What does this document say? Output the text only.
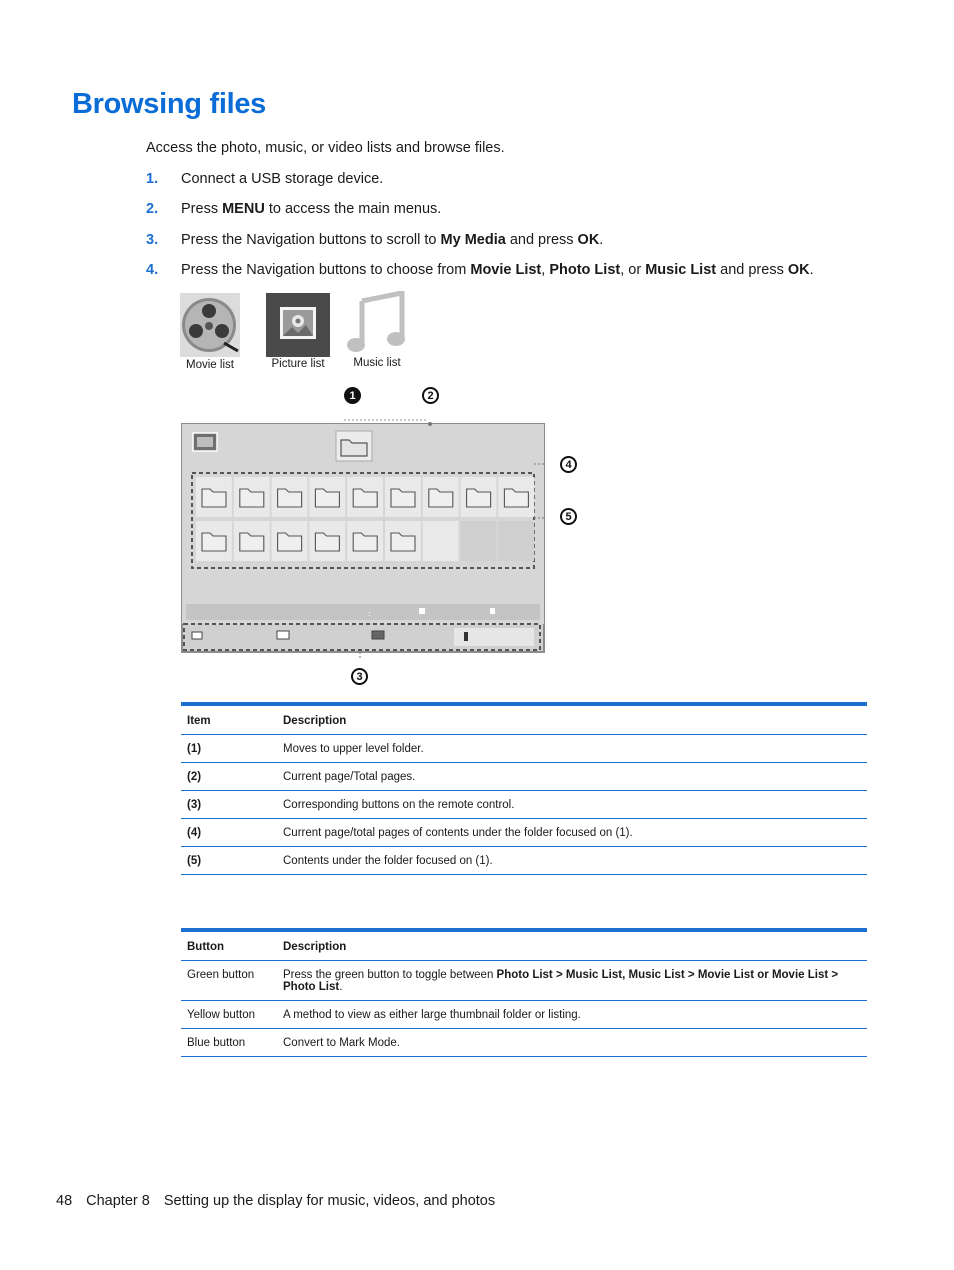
Browsing files
Access the photo, music, or video lists and browse files.
1. Connect a USB storage device.
2. Press MENU to access the main menus.
3. Press the Navigation buttons to scroll to My Media and press OK.
4. Press the Navigation buttons to choose from Movie List, Photo List, or Music List and press OK.
Movie list	Picture list	Music list
1	2
4
5
3
:
Item	Description
(1)	Moves to upper level folder.
(2)	Current page/Total pages.
(3)	Corresponding buttons on the remote control.
(4)	Current page/total pages of contents under the folder focused on (1).
(5)	Contents under the folder focused on (1).
Button	Description
Green button	Press the green button to toggle between Photo List > Music List, Music List > Movie List or Movie List > Photo List.
Yellow button	A method to view as either large thumbnail folder or listing.
Blue button	Convert to Mark Mode.
48 Chapter 8 Setting up the display for music, videos, and photos
